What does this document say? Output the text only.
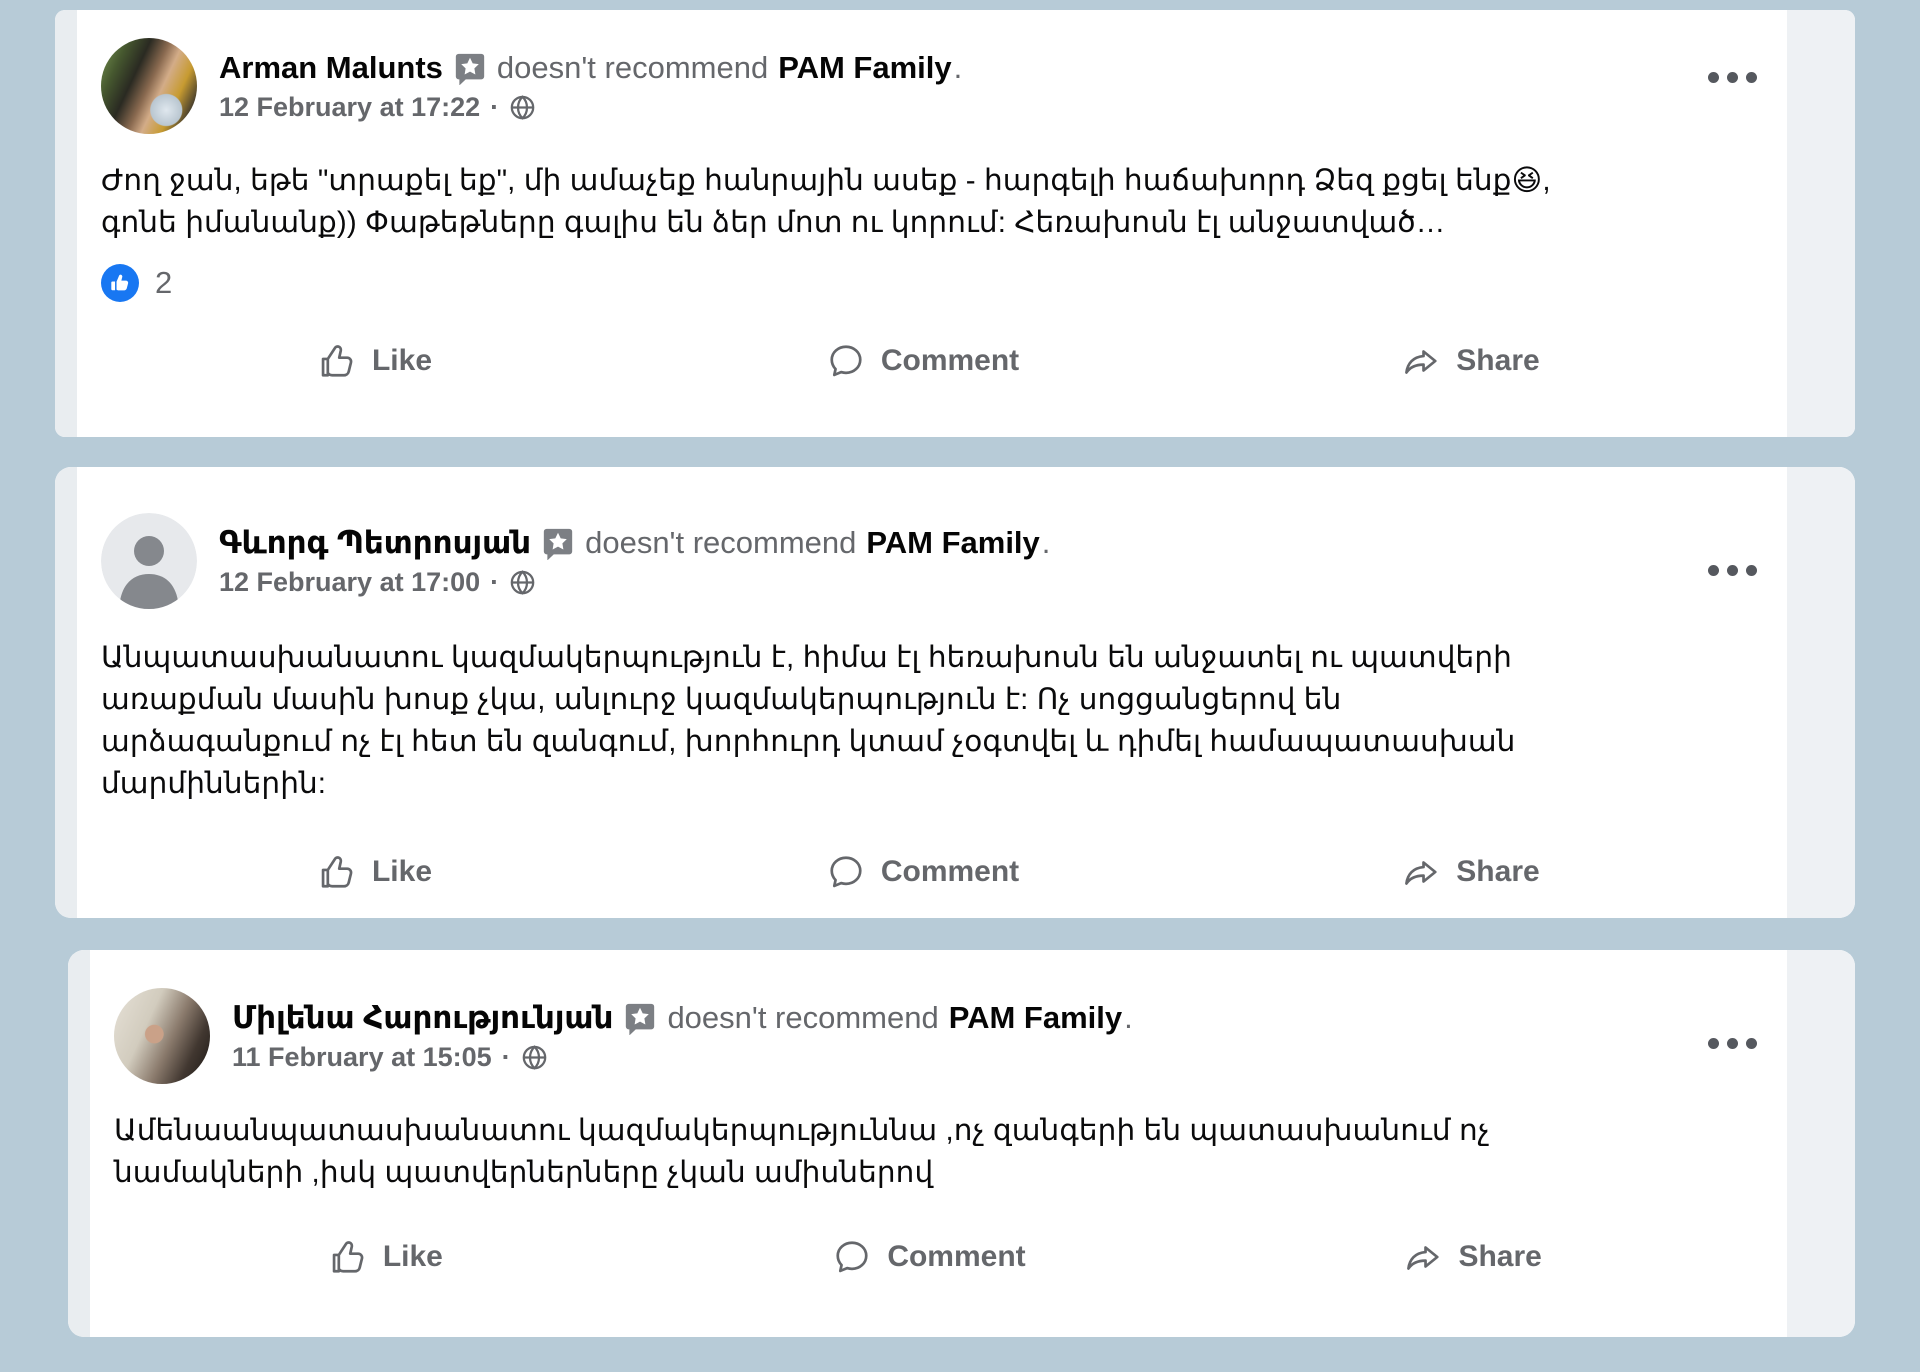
Arman Malunts doesn't recommend PAM Family .
12 February at 17:22 ·

Ժող ջան, եթե "տրաքել եք", մի ամաչեք հանրային ասեք - հարգելի հաճախորդ Ձեզ քցել ենք😆, գոնե իմանանք)) Փաթեթները գալիս են ձեր մոտ ու կորում: Հեռախոսն էլ անջատված…

2
Like	Comment	Share
Գևորգ Պետրոսյան doesn't recommend PAM Family .
12 February at 17:00 ·

Անպատասխանատու կազմակերպություն է, հիմա էլ հեռախոսն են անջատել ու պատվերի առաքման մասին խոսք չկա, անլուրջ կազմակերպություն է: Ոչ սոցցանցերով են արձագանքում ոչ էլ հետ են զանգում, խորհուրդ կտամ չօգտվել և դիմել համապատասխան մարմիններին:

Like	Comment	Share
Միլենա Հարությունյան doesn't recommend PAM Family .
11 February at 15:05 ·

Ամենաանպատասխանատու կազմակերպություննա ,ոչ զանգերի են պատասխանում ոչ նամակների ,իսկ պատվերներները չկան ամիսներով

Like	Comment	Share
